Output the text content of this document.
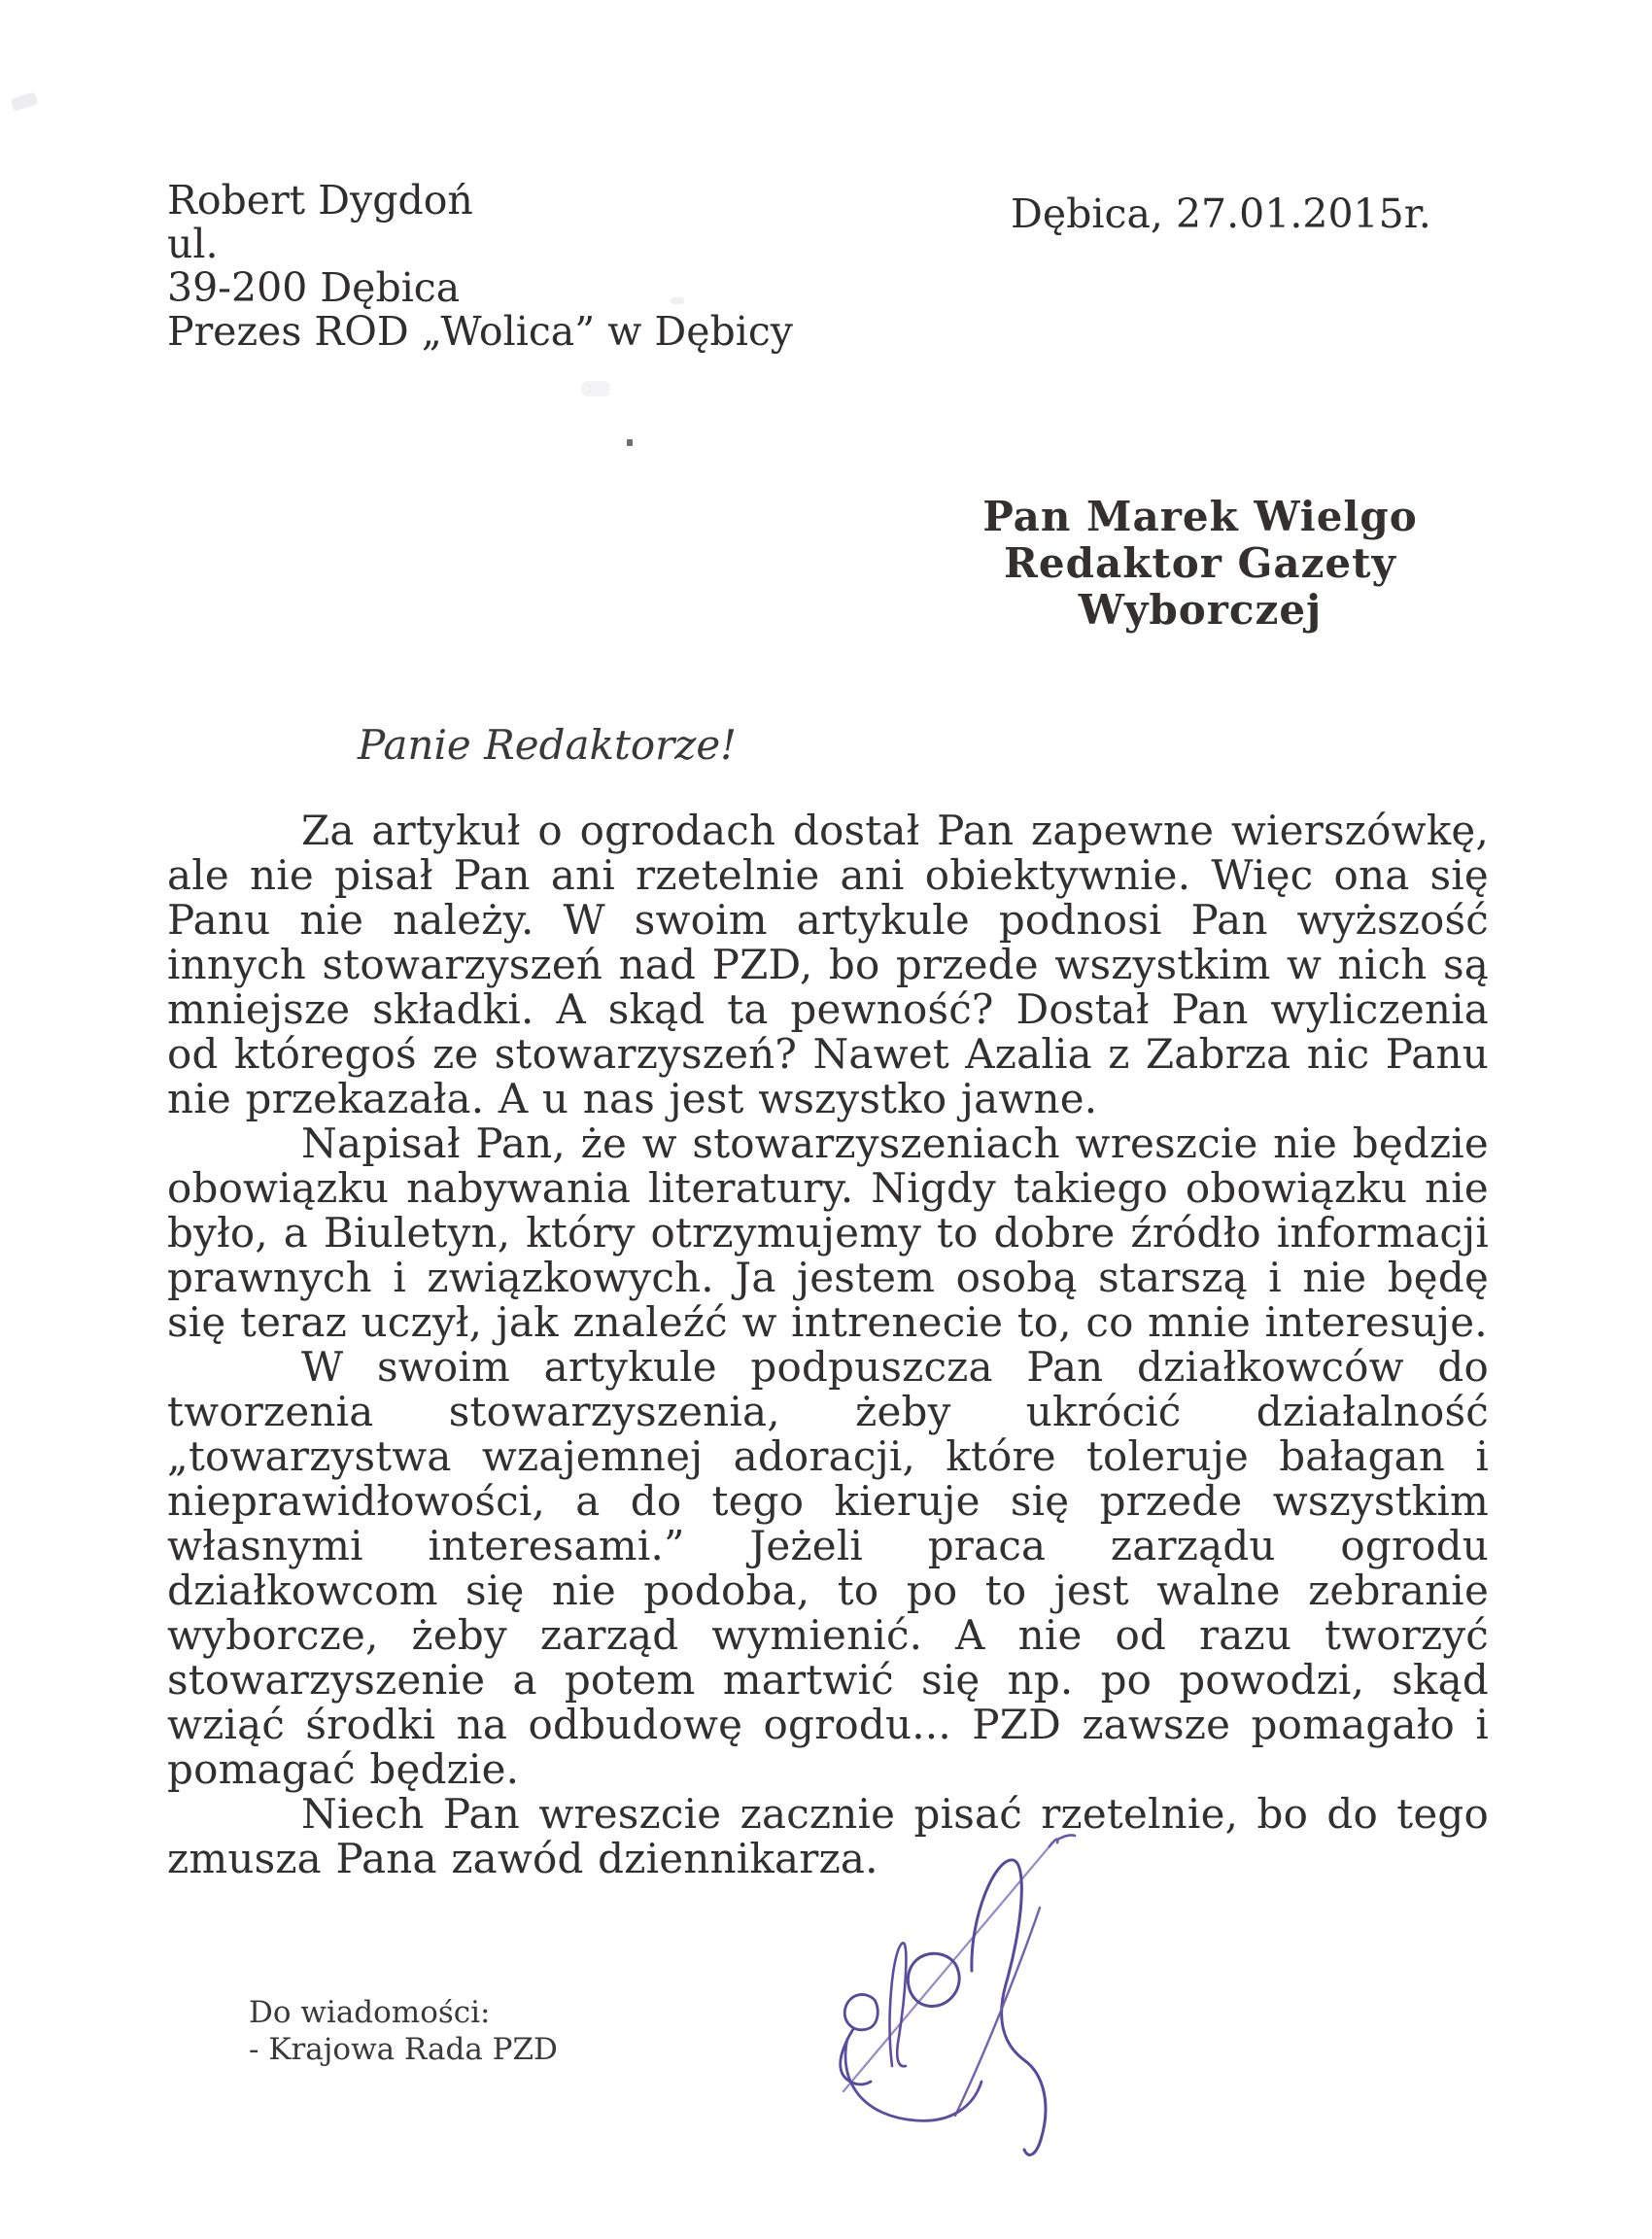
Robert Dygdoń
ul.
39-200 Dębica
Prezes ROD „Wolica” w Dębicy
Dębica, 27.01.2015r.
Pan Marek Wielgo
Redaktor Gazety
Wyborczej
Panie Redaktorze!

Za artykuł o ogrodach dostał Pan zapewne wierszówkę, ale nie pisał Pan ani rzetelnie ani obiektywnie. Więc ona się Panu nie należy. W swoim artykule podnosi Pan wyższość innych stowarzyszeń nad PZD, bo przede wszystkim w nich są mniejsze składki. A skąd ta pewność? Dostał Pan wyliczenia od któregoś ze stowarzyszeń? Nawet Azalia z Zabrza nic Panu nie przekazała. A u nas jest wszystko jawne.

Napisał Pan, że w stowarzyszeniach wreszcie nie będzie obowiązku nabywania literatury. Nigdy takiego obowiązku nie było, a Biuletyn, który otrzymujemy to dobre źródło informacji prawnych i związkowych. Ja jestem osobą starszą i nie będę się teraz uczył, jak znaleźć w intrenecie to, co mnie interesuje.

W swoim artykule podpuszcza Pan działkowców do tworzenia stowarzyszenia, żeby ukrócić działalność „towarzystwa wzajemnej adoracji, które toleruje bałagan i nieprawidłowości, a do tego kieruje się przede wszystkim własnymi interesami.” Jeżeli praca zarządu ogrodu działkowcom się nie podoba, to po to jest walne zebranie wyborcze, żeby zarząd wymienić. A nie od razu tworzyć stowarzyszenie a potem martwić się np. po powodzi, skąd wziąć środki na odbudowę ogrodu... PZD zawsze pomagało i pomagać będzie.

Niech Pan wreszcie zacznie pisać rzetelnie, bo do tego zmusza Pana zawód dziennikarza.

Do wiadomości:
- Krajowa Rada PZD
